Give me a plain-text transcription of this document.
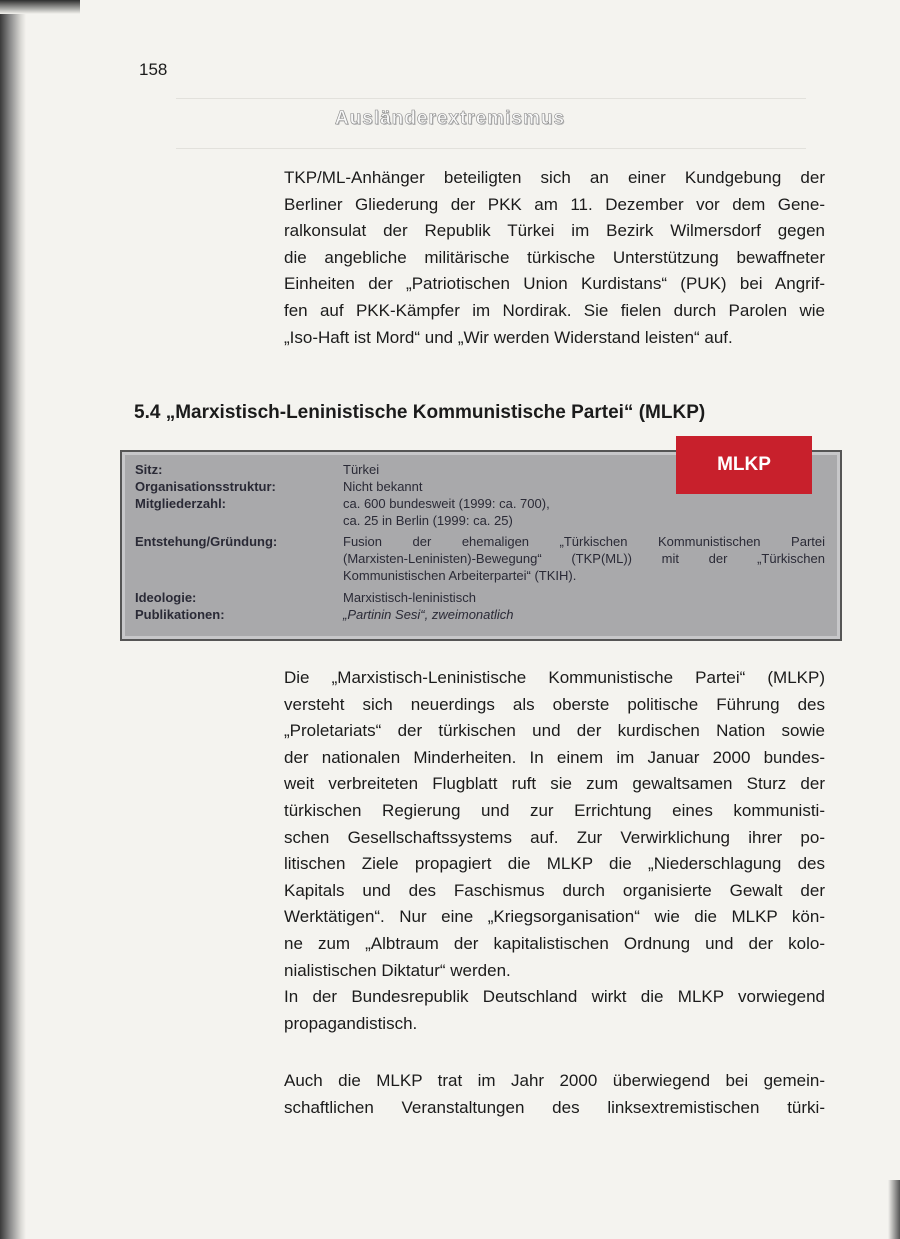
158
Ausländerextremismus

TKP/ML-Anhänger beteiligten sich an einer Kundgebung der

Berliner Gliederung der PKK am 11. Dezember vor dem Gene-

ralkonsulat der Republik Türkei im Bezirk Wilmersdorf gegen

die angebliche militärische türkische Unterstützung bewaffneter

Einheiten der „Patriotischen Union Kurdistans“ (PUK) bei Angrif-

fen auf PKK-Kämpfer im Nordirak. Sie fielen durch Parolen wie

„Iso-Haft ist Mord“ und „Wir werden Widerstand leisten“ auf.

5.4 „Marxistisch-Leninistische Kommunistische Partei“ (MLKP)
MLKP
Sitz:	Türkei
Organisationsstruktur:	Nicht bekannt
Mitgliederzahl:	ca. 600 bundesweit (1999: ca. 700),
ca. 25 in Berlin (1999: ca. 25)
Entstehung/Gründung:	Fusion der ehemaligen „Türkischen Kommunistischen Partei
(Marxisten-Leninisten)-Bewegung“ (TKP(ML)) mit der „Türkischen
Kommunistischen Arbeiterpartei“ (TKIH).
Ideologie:	Marxistisch-leninistisch
Publikationen:	„Partinin Sesi“, zweimonatlich

Die „Marxistisch-Leninistische Kommunistische Partei“ (MLKP)

versteht sich neuerdings als oberste politische Führung des

„Proletariats“ der türkischen und der kurdischen Nation sowie

der nationalen Minderheiten. In einem im Januar 2000 bundes-

weit verbreiteten Flugblatt ruft sie zum gewaltsamen Sturz der

türkischen Regierung und zur Errichtung eines kommunisti-

schen Gesellschaftssystems auf. Zur Verwirklichung ihrer po-

litischen Ziele propagiert die MLKP die „Niederschlagung des

Kapitals und des Faschismus durch organisierte Gewalt der

Werktätigen“. Nur eine „Kriegsorganisation“ wie die MLKP kön-

ne zum „Albtraum der kapitalistischen Ordnung und der kolo-

nialistischen Diktatur“ werden.

In der Bundesrepublik Deutschland wirkt die MLKP vorwiegend

propagandistisch.

Auch die MLKP trat im Jahr 2000 überwiegend bei gemein-

schaftlichen Veranstaltungen des linksextremistischen türki-
